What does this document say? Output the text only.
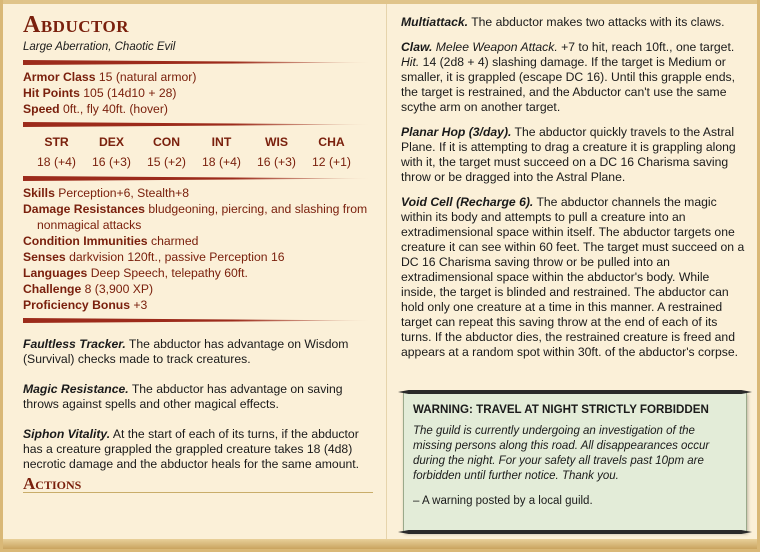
Abductor
Large Aberration, Chaotic Evil
Armor Class 15 (natural armor)
Hit Points 105 (14d10 + 28)
Speed 0ft., fly 40ft. (hover)
STR	DEX	CON	INT	WIS	CHA
18 (+4)	16 (+3)	15 (+2)	18 (+4)	16 (+3)	12 (+1)
Skills Perception+6, Stealth+8
Damage Resistances bludgeoning, piercing, and slashing from nonmagical attacks
Condition Immunities charmed
Senses darkvision 120ft., passive Perception 16
Languages Deep Speech, telepathy 60ft.
Challenge 8 (3,900 XP)
Proficiency Bonus +3
Faultless Tracker. The abductor has advantage on Wisdom (Survival) checks made to track creatures.
Magic Resistance. The abductor has advantage on saving throws against spells and other magical effects.
Siphon Vitality. At the start of each of its turns, if the abductor has a creature grappled the grappled creature takes 18 (4d8) necrotic damage and the abductor heals for the same amount.
Actions
Multiattack. The abductor makes two attacks with its claws.
Claw. Melee Weapon Attack. +7 to hit, reach 10ft., one target. Hit. 14 (2d8 + 4) slashing damage. If the target is Medium or smaller, it is grappled (escape DC 16). Until this grapple ends, the target is restrained, and the Abductor can't use the same scythe arm on another target.
Planar Hop (3/day). The abductor quickly travels to the Astral Plane. If it is attempting to drag a creature it is grappling along with it, the target must succeed on a DC 16 Charisma saving throw or be dragged into the Astral Plane.
Void Cell (Recharge 6). The abductor channels the magic within its body and attempts to pull a creature into an extradimensional space within itself. The abductor targets one creature it can see within 60 feet. The target must succeed on a DC 16 Charisma saving throw or be pulled into an extradimensional space within the abductor's body. While inside, the target is blinded and restrained. The abductor can hold only one creature at a time in this manner. A restrained target can repeat this saving throw at the end of each of its turns. If the abductor dies, the restrained creature is freed and appears at a random spot within 30ft. of the abductor's corpse.
WARNING: TRAVEL AT NIGHT STRICTLY FORBIDDEN
The guild is currently undergoing an investigation of the missing persons along this road. All disappearances occur during the night. For your safety all travels past 10pm are forbidden until further notice. Thank you.
– A warning posted by a local guild.
